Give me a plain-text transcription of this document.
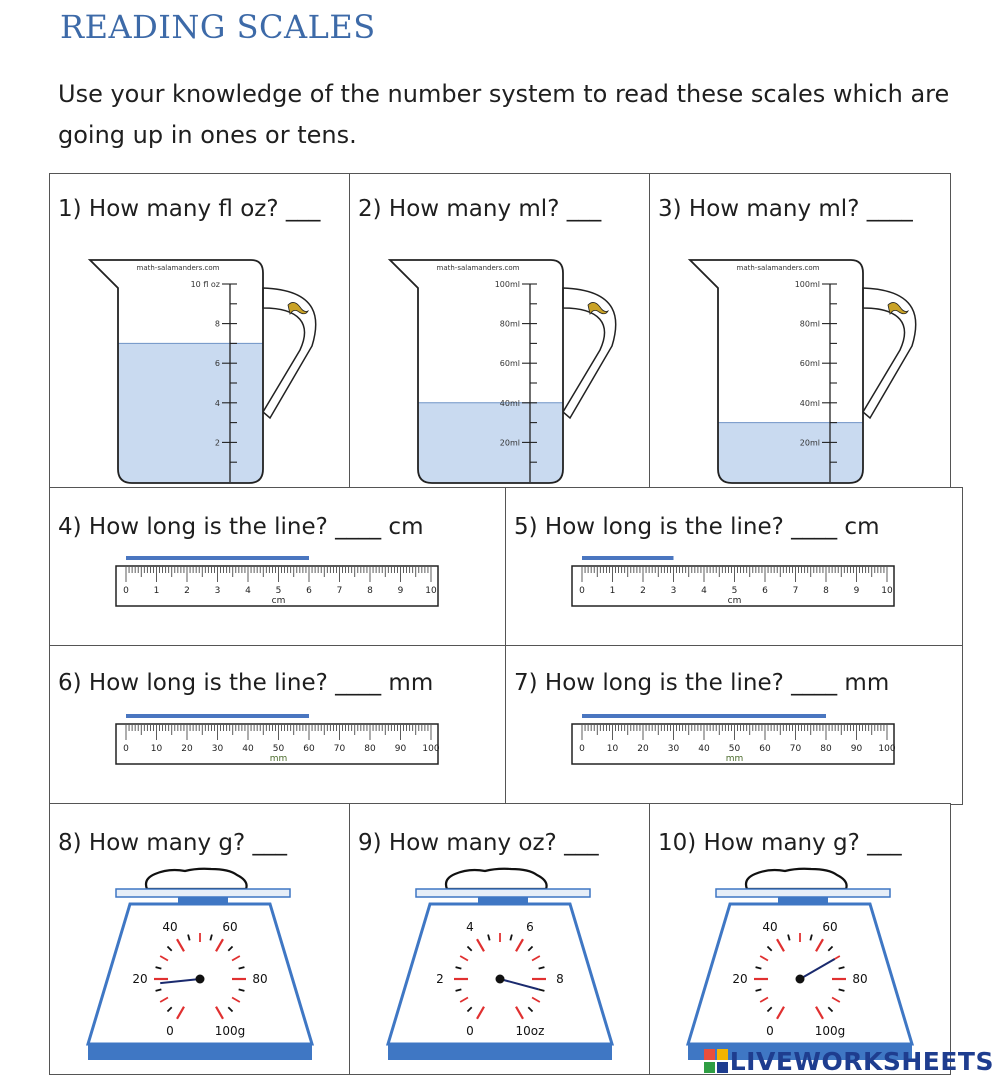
READING SCALES
Use your knowledge of the number system to read these scales which are going up in ones or tens.
1) How many fl oz? ___
math-salamanders.com
10 fl oz
8
6
4
2
2) How many ml? ___
math-salamanders.com
100ml
80ml
60ml
40ml
20ml
3) How many ml? ____
math-salamanders.com
100ml
80ml
60ml
40ml
20ml
4) How long is the line? ____ cm
0	1	2	3	4	5	6	7	8	9 10
cm
5) How long is the line? ____ cm
0	1	2	3	4	5	6	7	8	9 10
cm
6) How long is the line? ____ mm
0 10 20 30 40 50 60 70 80 90 100
mm
7) How long is the line? ____ mm
0 10 20 30 40 50 60 70 80 90 100
mm
8) How many g? ___
0
20
40	60
80
100g
9) How many oz? ___
0
2
4	6
8
10oz
10) How many g? ___
0
20
40	60
80
100g
LIVEWORKSHEETS
